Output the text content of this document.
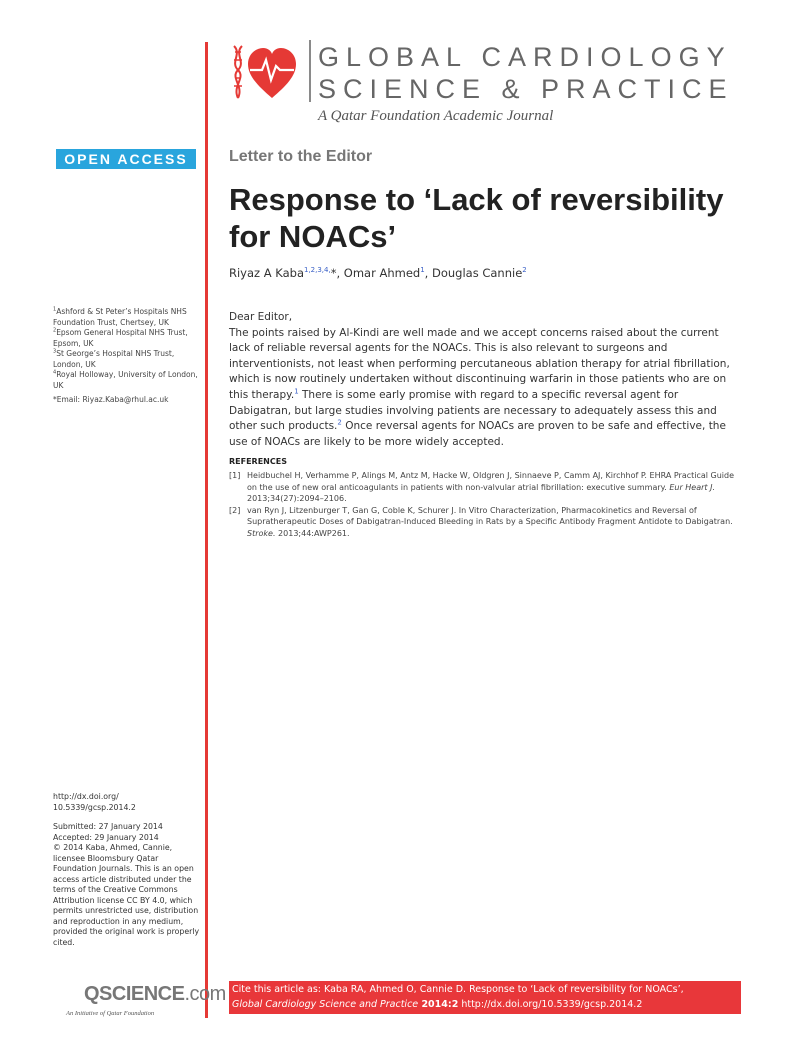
GLOBAL CARDIOLOGY
SCIENCE & PRACTICE
A Qatar Foundation Academic Journal
OPEN ACCESS	Letter to the Editor
Response to ‘Lack of reversibility for NOACs’
Riyaz A Kaba$^{1,2,3,4,}$*, Omar Ahmed$^1$, Douglas Cannie$^2$

$^1$Ashford & St Peter’s Hospitals NHS Foundation Trust, Chertsey, UK

$^2$Epsom General Hospital NHS Trust, Epsom, UK

$^3$St George’s Hospital NHS Trust, London, UK

$^4$Royal Holloway, University of London, UK

*Email: Riyaz.Kaba@rhul.ac.uk

http://dx.doi.org/
10.5339/gcsp.2014.2

Submitted: 27 January 2014

Accepted: 29 January 2014

© 2014 Kaba, Ahmed, Cannie, licensee Bloomsbury Qatar Foundation Journals. This is an open access article distributed under the terms of the Creative Commons Attribution license CC BY 4.0, which permits unrestricted use, distribution and reproduction in any medium, provided the original work is properly cited.

Dear Editor,

The points raised by Al-Kindi are well made and we accept concerns raised about the current lack of reliable reversal agents for the NOACs. This is also relevant to surgeons and interventionists, not least when performing percutaneous ablation therapy for atrial fibrillation, which is now routinely undertaken without discontinuing warfarin in those patients who are on this therapy.$^1$ There is some early promise with regard to a specific reversal agent for Dabigatran, but large studies involving patients are necessary to adequately assess this and other such products.$^2$ Once reversal agents for NOACs are proven to be safe and effective, the use of NOACs are likely to be more widely accepted.

REFERENCES

[1] Heidbuchel H, Verhamme P, Alings M, Antz M, Hacke W, Oldgren J, Sinnaeve P, Camm AJ, Kirchhof P. EHRA Practical Guide on the use of new oral anticoagulants in patients with non-valvular atrial fibrillation: executive summary. Eur Heart J. 2013;34(27):2094–2106.

[2] van Ryn J, Litzenburger T, Gan G, Coble K, Schurer J. In Vitro Characterization, Pharmacokinetics and Reversal of Supratherapeutic Doses of Dabigatran-Induced Bleeding in Rats by a Specific Antibody Fragment Antidote to Dabigatran. Stroke. 2013;44:AWP261.

QSCIENCE.com
An Initiative of Qatar Foundation
Cite this article as: Kaba RA, Ahmed O, Cannie D. Response to ‘Lack of reversibility for NOACs’,
Global Cardiology Science and Practice 2014:2 http://dx.doi.org/10.5339/gcsp.2014.2
